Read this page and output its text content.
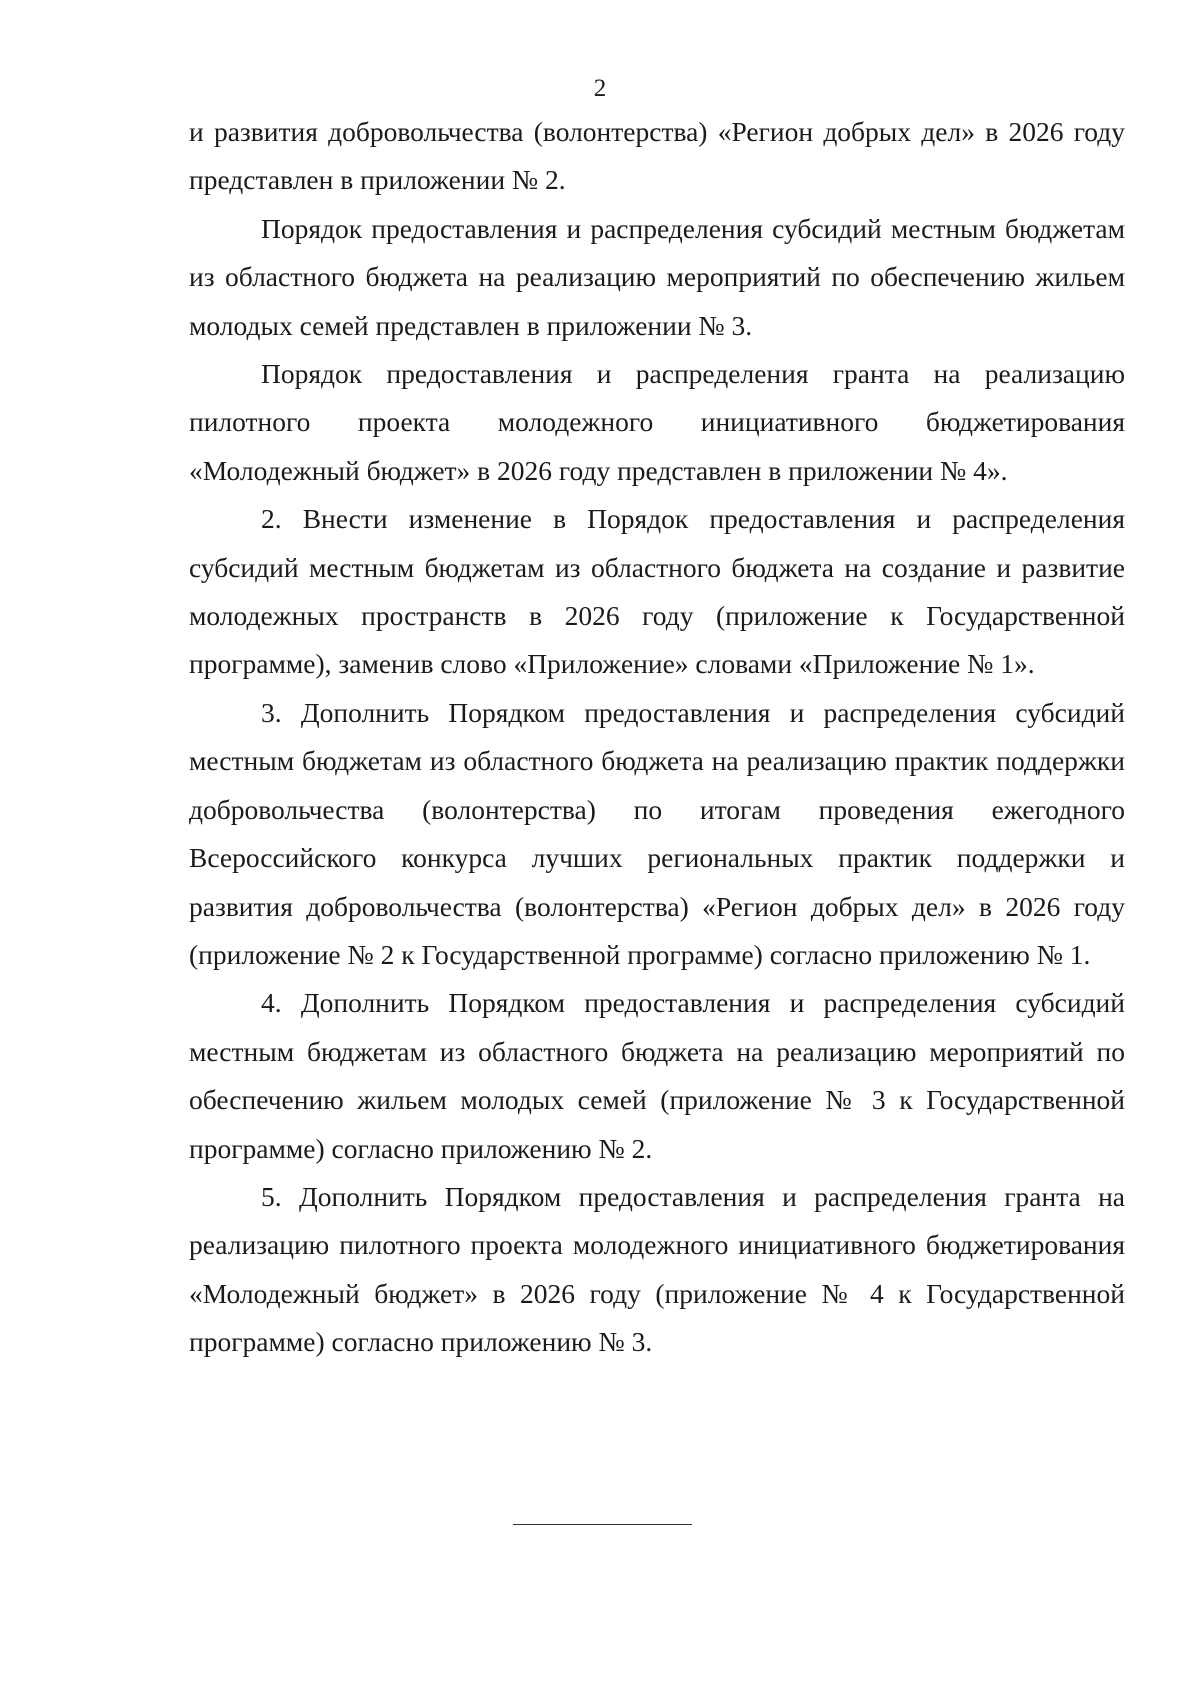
2

и развития добровольчества (волонтерства) «Регион добрых дел» в 2026 году представлен в приложении № 2.

Порядок предоставления и распределения субсидий местным бюджетам из областного бюджета на реализацию мероприятий по обеспечению жильем молодых семей представлен в приложении № 3.

Порядок предоставления и распределения гранта на реализацию пилотного проекта молодежного инициативного бюджетирования «Молодежный бюджет» в 2026 году представлен в приложении № 4».

2. Внести изменение в Порядок предоставления и распределения субсидий местным бюджетам из областного бюджета на создание и развитие молодежных пространств в 2026 году (приложение к Государственной программе), заменив слово «Приложение» словами «Приложение № 1».

3. Дополнить Порядком предоставления и распределения субсидий местным бюджетам из областного бюджета на реализацию практик поддержки добровольчества (волонтерства) по итогам проведения ежегодного Всероссийского конкурса лучших региональных практик поддержки и развития добровольчества (волонтерства) «Регион добрых дел» в 2026 году (приложение № 2 к Государственной программе) согласно приложению № 1.

4. Дополнить Порядком предоставления и распределения субсидий местным бюджетам из областного бюджета на реализацию мероприятий по обеспечению жильем молодых семей (приложение № 3 к Государственной программе) согласно приложению № 2.

5. Дополнить Порядком предоставления и распределения гранта на реализацию пилотного проекта молодежного инициативного бюджетирования «Молодежный бюджет» в 2026 году (приложение № 4 к Государственной программе) согласно приложению № 3.
